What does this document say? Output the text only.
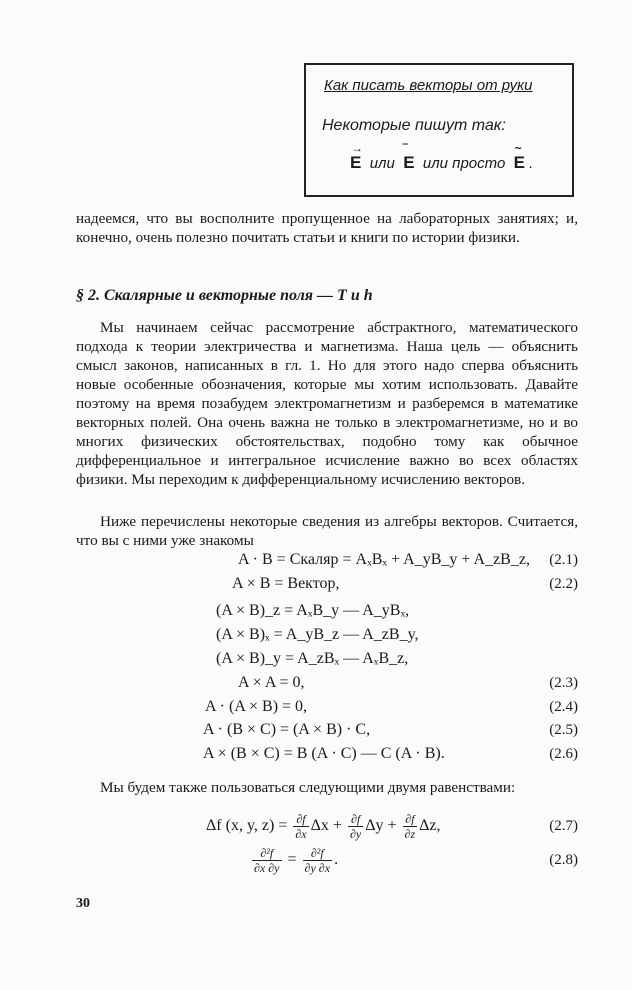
Как писать векторы от руки
Некоторые пишут так:
→
E или
‾
E или просто
~
E .

надеемся, что вы восполните пропущенное на лабораторных занятиях; и, конечно, очень полезно почитать статьи и книги по истории физики.

§ 2. Скалярные и векторные поля — T и h

Мы начинаем сейчас рассмотрение абстрактного, математического подхода к теории электричества и магнетизма. Наша цель — объяснить смысл законов, написанных в гл. 1. Но для этого надо сперва объяснить новые особенные обозначения, которые мы хотим использовать. Давайте поэтому на время позабудем электромагнетизм и разберемся в математике векторных полей. Она очень важна не только в электромагнетизме, но и во многих физических обстоятельствах, подобно тому как обычное дифференциальное и интегральное исчисление важно во всех областях физики. Мы переходим к дифференциальному исчислению векторов.

Ниже перечислены некоторые сведения из алгебры векторов. Считается, что вы с ними уже знакомы

A · B = Скаляр = AₓBₓ + A_yB_y + A_zB_z, (2.1)
A × B = Вектор,	(2.2)
(A × B)_z = AₓB_y — A_yBₓ,
(A × B)ₓ = A_yB_z — A_zB_y,
(A × B)_y = A_zBₓ — AₓB_z,
A × A = 0,	(2.3)
A · (A × B) = 0,	(2.4)
A · (B × C) = (A × B) · C,	(2.5)
A × (B × C) = B (A · C) — C (A · B).	(2.6)

Мы будем также пользоваться следующими двумя равенствами:

Δf (x, y, $z) = \frac{\partial f}{\partial x}$ $\Delta x + \frac{\partial f}{\partial y}$ $\Delta y + \frac{\partial f}{\partial z} \Delta z$,	(2.7)
$\frac{\text{∂²f}}{\partial x \partial y} = \frac{\text{∂²f}}{\partial y \partial x}$ .	(2.8)
30
